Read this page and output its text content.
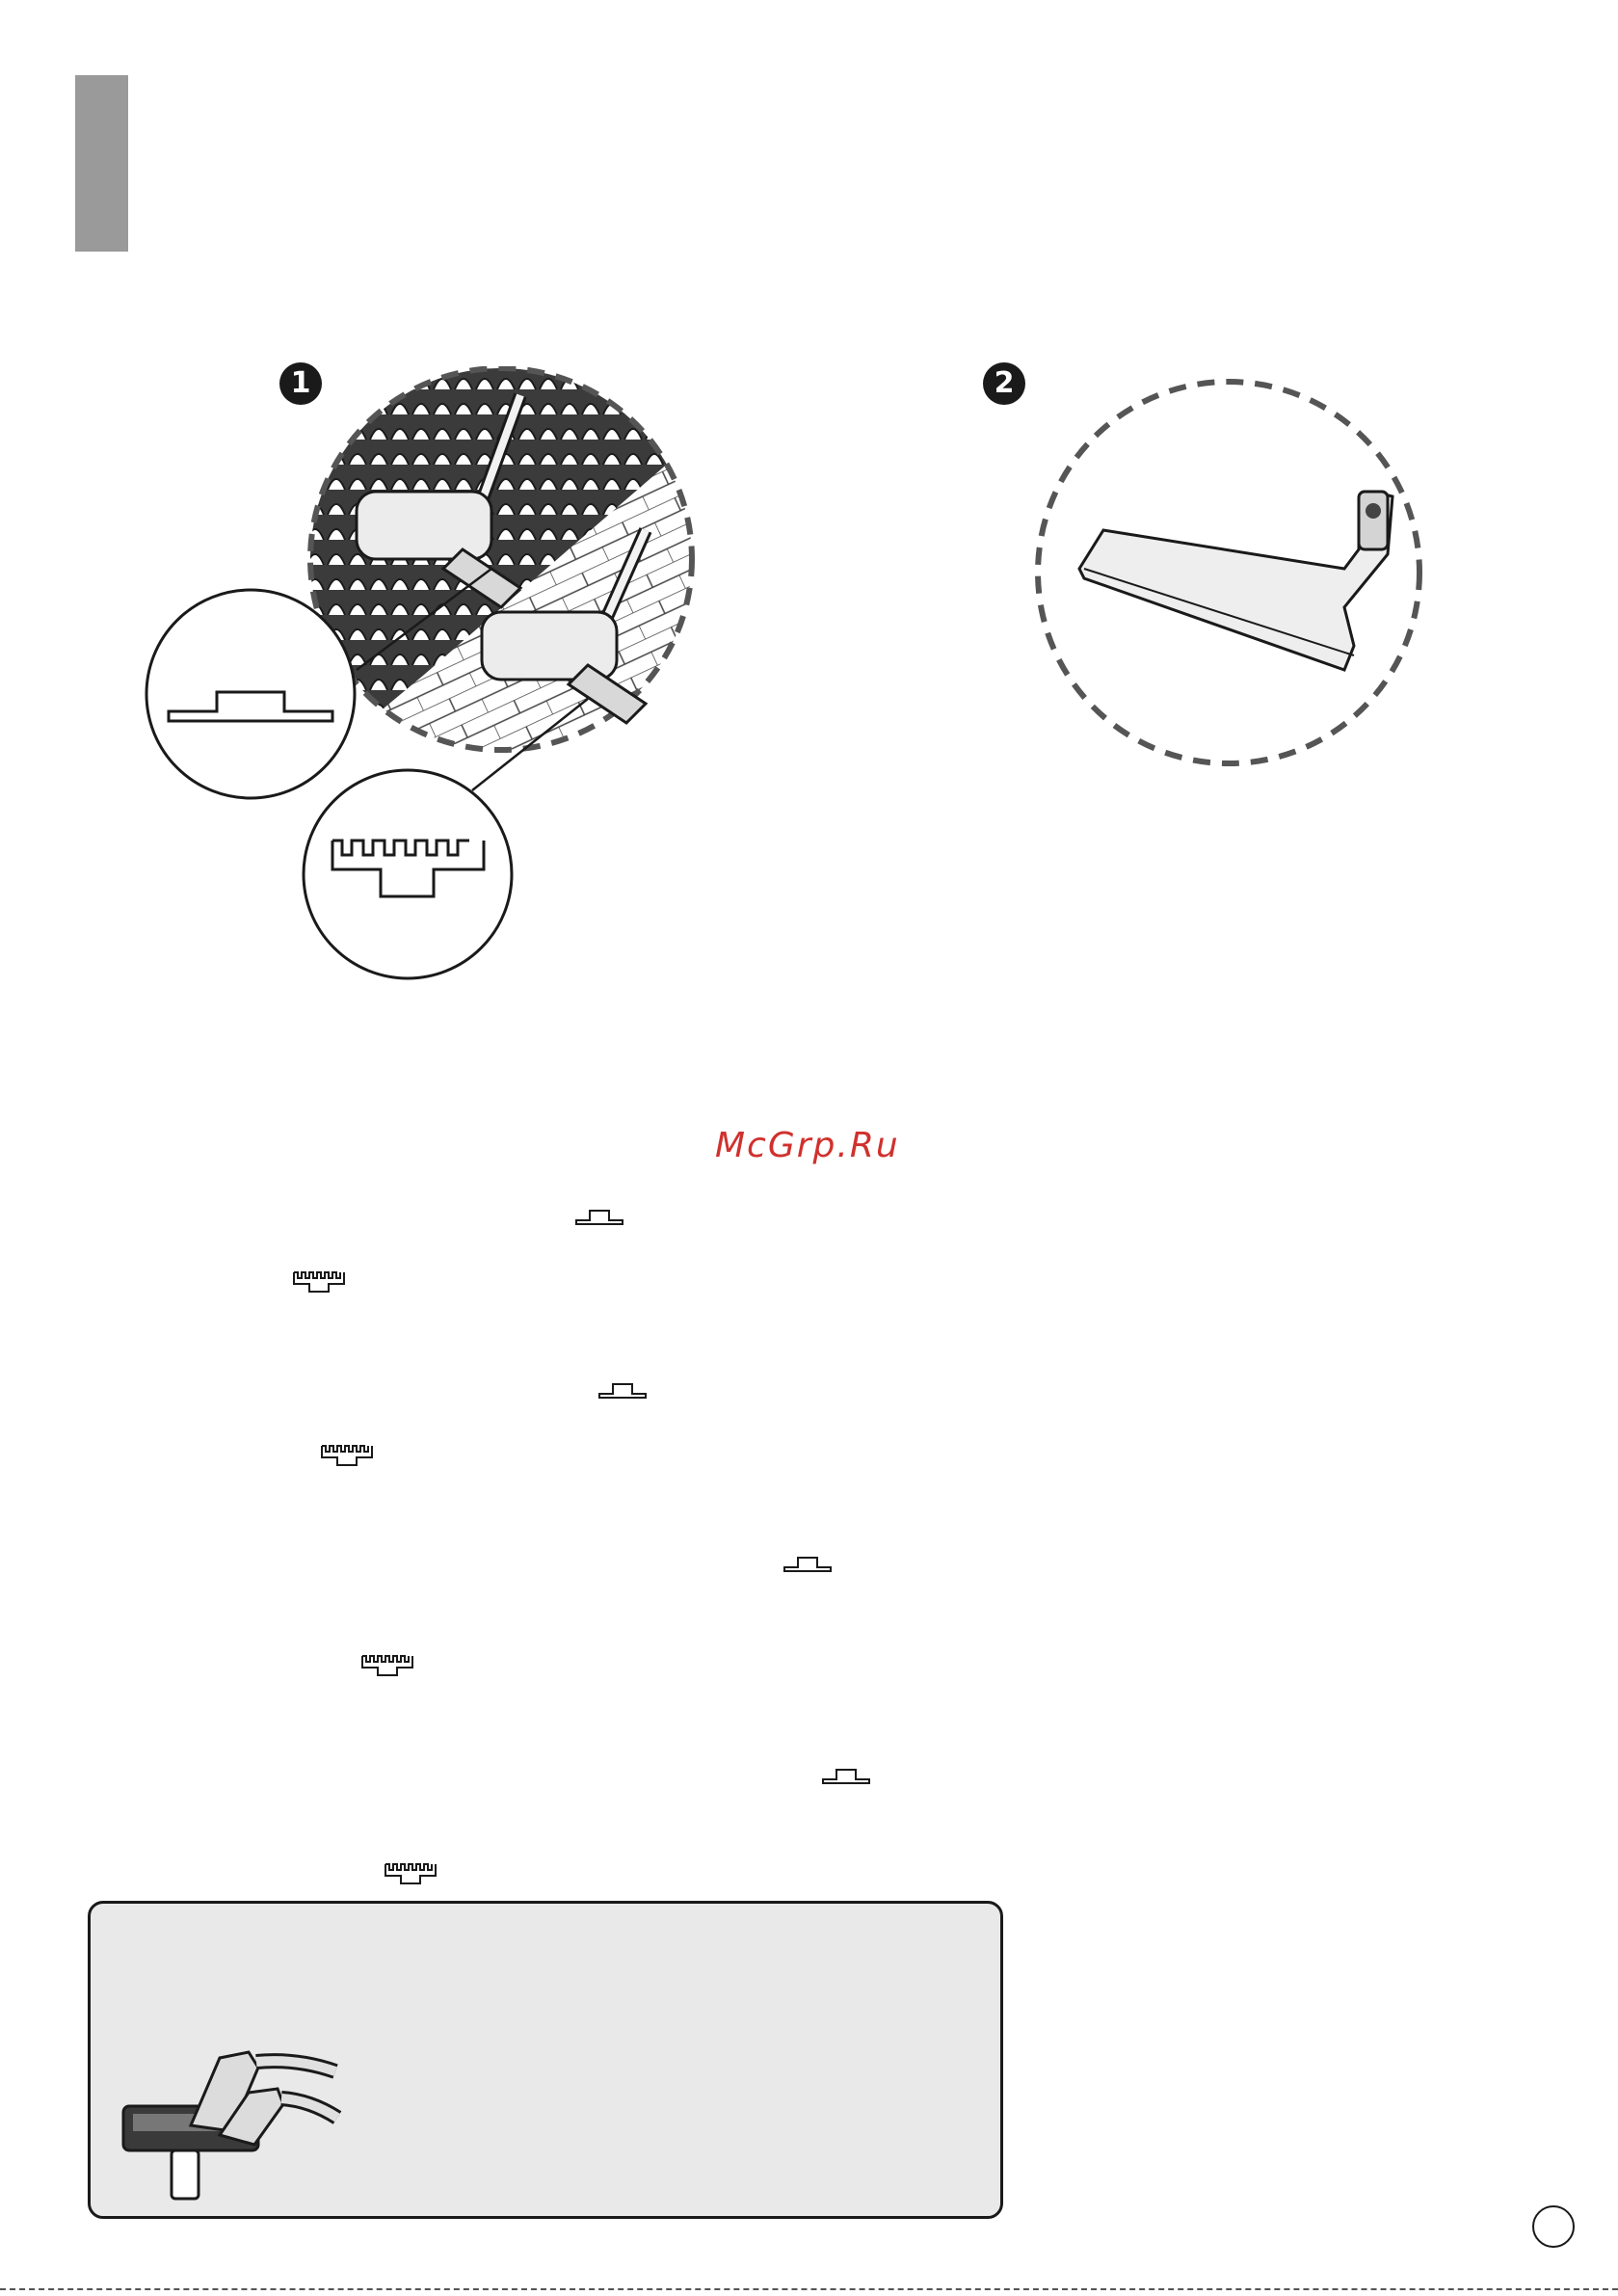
1	2
McGrp.Ru
